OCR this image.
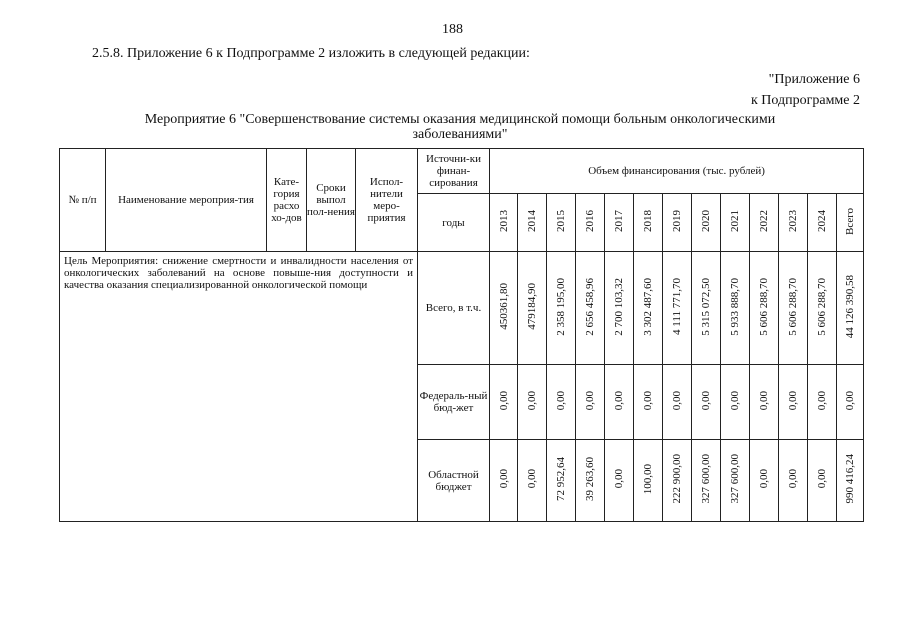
188
2.5.8. Приложение 6 к Подпрограмме 2 изложить в следующей редакции:
"Приложение 6
к Подпрограмме 2
Мероприятие 6 "Совершенствование системы оказания медицинской помощи больным онкологическими
заболеваниями"
№ п/п	Наименование мероприя-тия	Кате-гория расхо хо-дов	Сроки выпол пол-нения	Испол-нители меро-приятия	Источни-ки финан-сирования	Объем финансирования (тыс. рублей)												
					годы	2013	2014	2015	2016	2017	2018	2019	2020	2021	2022	2023	2024	Всего
Цель Мероприятия: снижение смертности и инвалидности населения от онкологических заболеваний на основе повыше-ния доступности и качества оказания специализированной онкологической помощи					Всего, в т.ч.	450361,80	479184,90	2 358 195,00	2 656 458,96	2 700 103,32	3 302 487,60	4 111 771,70	5 315 072,50	5 933 888,70	5 606 288,70	5 606 288,70	5 606 288,70	44 126 390,58
					Федераль-ный бюд-жет	0,00	0,00	0,00	0,00	0,00	0,00	0,00	0,00	0,00	0,00	0,00	0,00	0,00
					Областной бюджет	0,00	0,00	72 952,64	39 263,60	0,00	100,00	222 900,00	327 600,00	327 600,00	0,00	0,00	0,00	990 416,24
